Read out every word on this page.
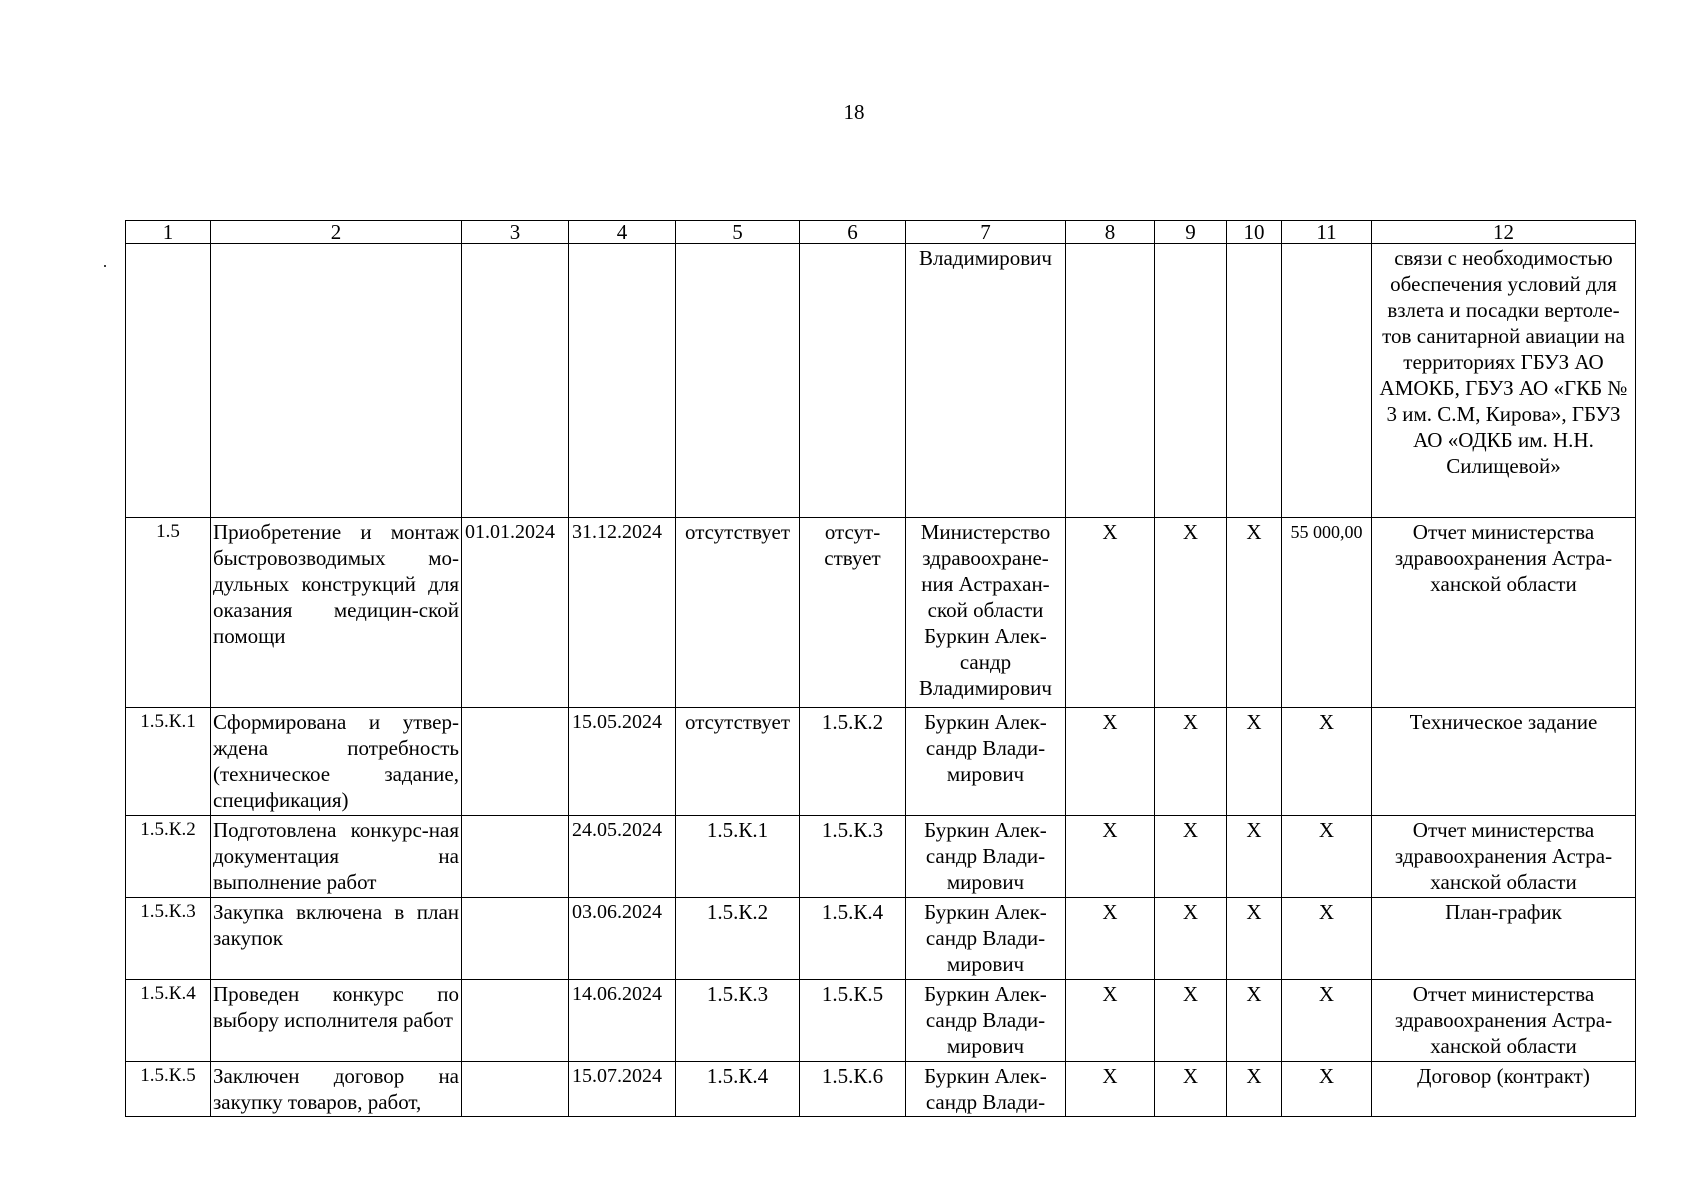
18
1	2	3	4	5	6	7	8	9	10	11	12
						Владимирович					связи с необходимостью обеспечения условий для взлета и посадки вертоле-тов санитарной авиации на территориях ГБУЗ АО АМОКБ, ГБУЗ АО «ГКБ № 3 им. С.М, Кирова», ГБУЗ АО «ОДКБ им. Н.Н. Силищевой»
1.5	Приобретение и монтаж быстровозводимых мо-дульных конструкций для оказания медицин-ской помощи	01.01.2024	31.12.2024	отсутствует	отсут-ствует	Министерство здравоохране-ния Астрахан-ской области Буркин Алек-сандр Владимирович	Х	Х	Х	55 000,00	Отчет министерства здравоохранения Астра-ханской области
1.5.К.1	Сформирована и утвер-ждена потребность (техническое задание, спецификация)		15.05.2024	отсутствует	1.5.К.2	Буркин Алек-сандр Влади-мирович	Х	Х	Х	Х	Техническое задание
1.5.К.2	Подготовлена конкурс-ная документация на выполнение работ		24.05.2024	1.5.К.1	1.5.К.3	Буркин Алек-сандр Влади-мирович	Х	Х	Х	Х	Отчет министерства здравоохранения Астра-ханской области
1.5.К.3	Закупка включена в план закупок		03.06.2024	1.5.К.2	1.5.К.4	Буркин Алек-сандр Влади-мирович	Х	Х	Х	Х	План-график
1.5.К.4	Проведен конкурс по выбору исполнителя работ		14.06.2024	1.5.К.3	1.5.К.5	Буркин Алек-сандр Влади-мирович	Х	Х	Х	Х	Отчет министерства здравоохранения Астра-ханской области
1.5.К.5	Заключен договор на закупку товаров, работ,		15.07.2024	1.5.К.4	1.5.К.6	Буркин Алек-сандр Влади-	Х	Х	Х	Х	Договор (контракт)
